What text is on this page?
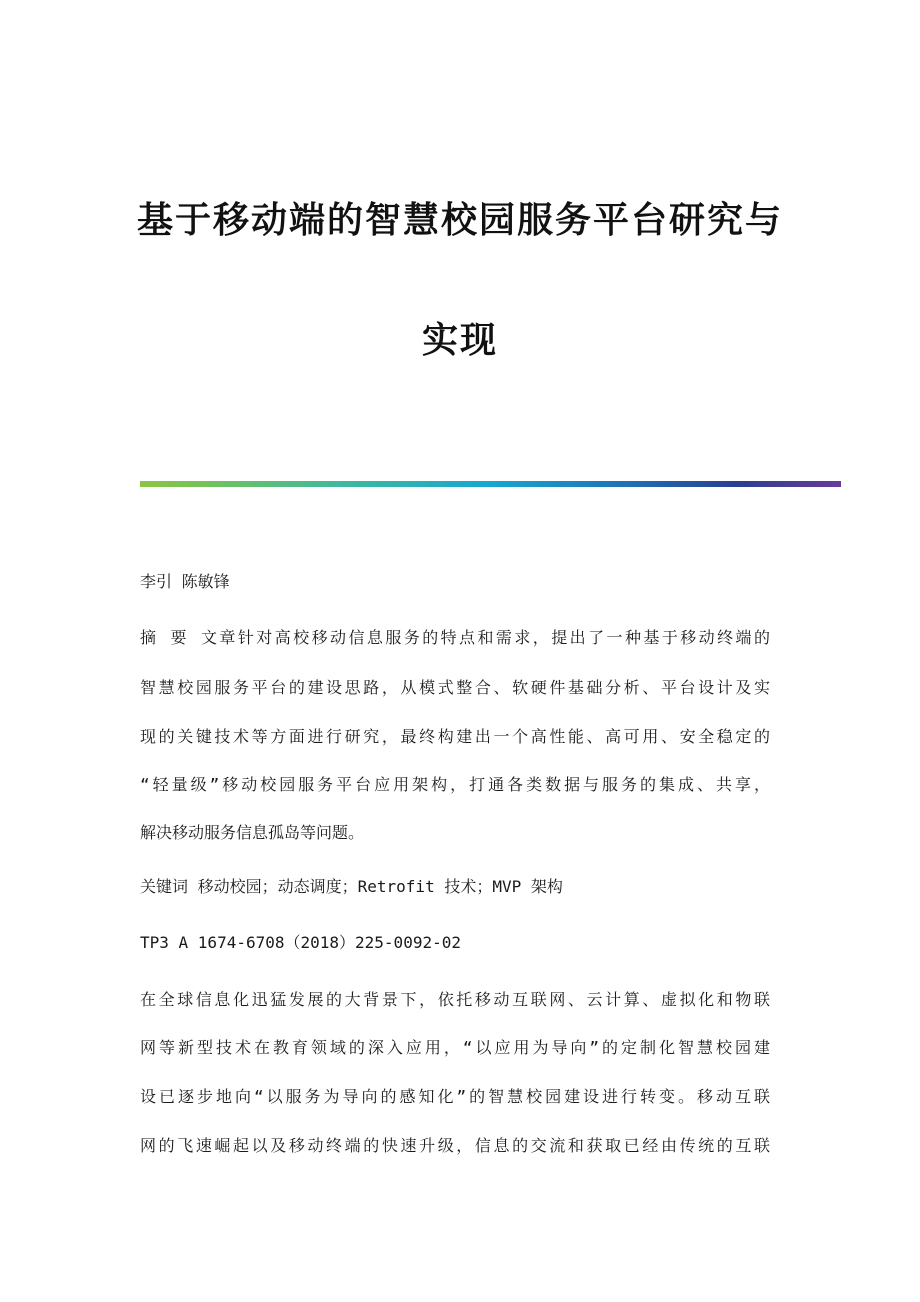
基于移动端的智慧校园服务平台研究与
实现
李引 陈敏锋
摘 要 文章针对高校移动信息服务的特点和需求，提出了一种基于移动终端的
智慧校园服务平台的建设思路，从模式整合、软硬件基础分析、平台设计及实
现的关键技术等方面进行研究，最终构建出一个高性能、高可用、安全稳定的
“轻量级”移动校园服务平台应用架构，打通各类数据与服务的集成、共享，
解决移动服务信息孤岛等问题。
关键词 移动校园；动态调度；Retrofit 技术；MVP 架构
TP3 A 1674-6708（2018）225-0092-02
在全球信息化迅猛发展的大背景下，依托移动互联网、云计算、虚拟化和物联
网等新型技术在教育领域的深入应用，“以应用为导向”的定制化智慧校园建
设已逐步地向“以服务为导向的感知化”的智慧校园建设进行转变。移动互联
网的飞速崛起以及移动终端的快速升级，信息的交流和获取已经由传统的互联
